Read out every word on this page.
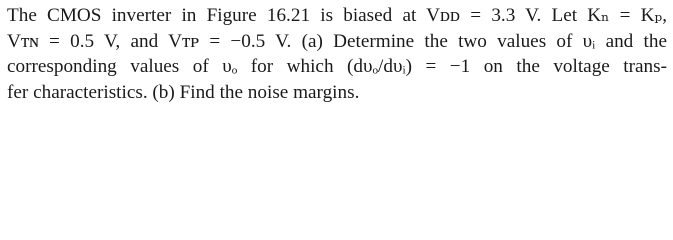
The CMOS inverter in Figure 16.21 is biased at Vᴅᴅ = 3.3 V. Let Kₙ = Kₚ,
Vᴛɴ = 0.5 V, and Vᴛᴘ = −0.5 V. (a) Determine the two values of υᵢ and the
corresponding values of υₒ for which (dυₒ/dυᵢ) = −1 on the voltage trans-
fer characteristics. (b) Find the noise margins.
